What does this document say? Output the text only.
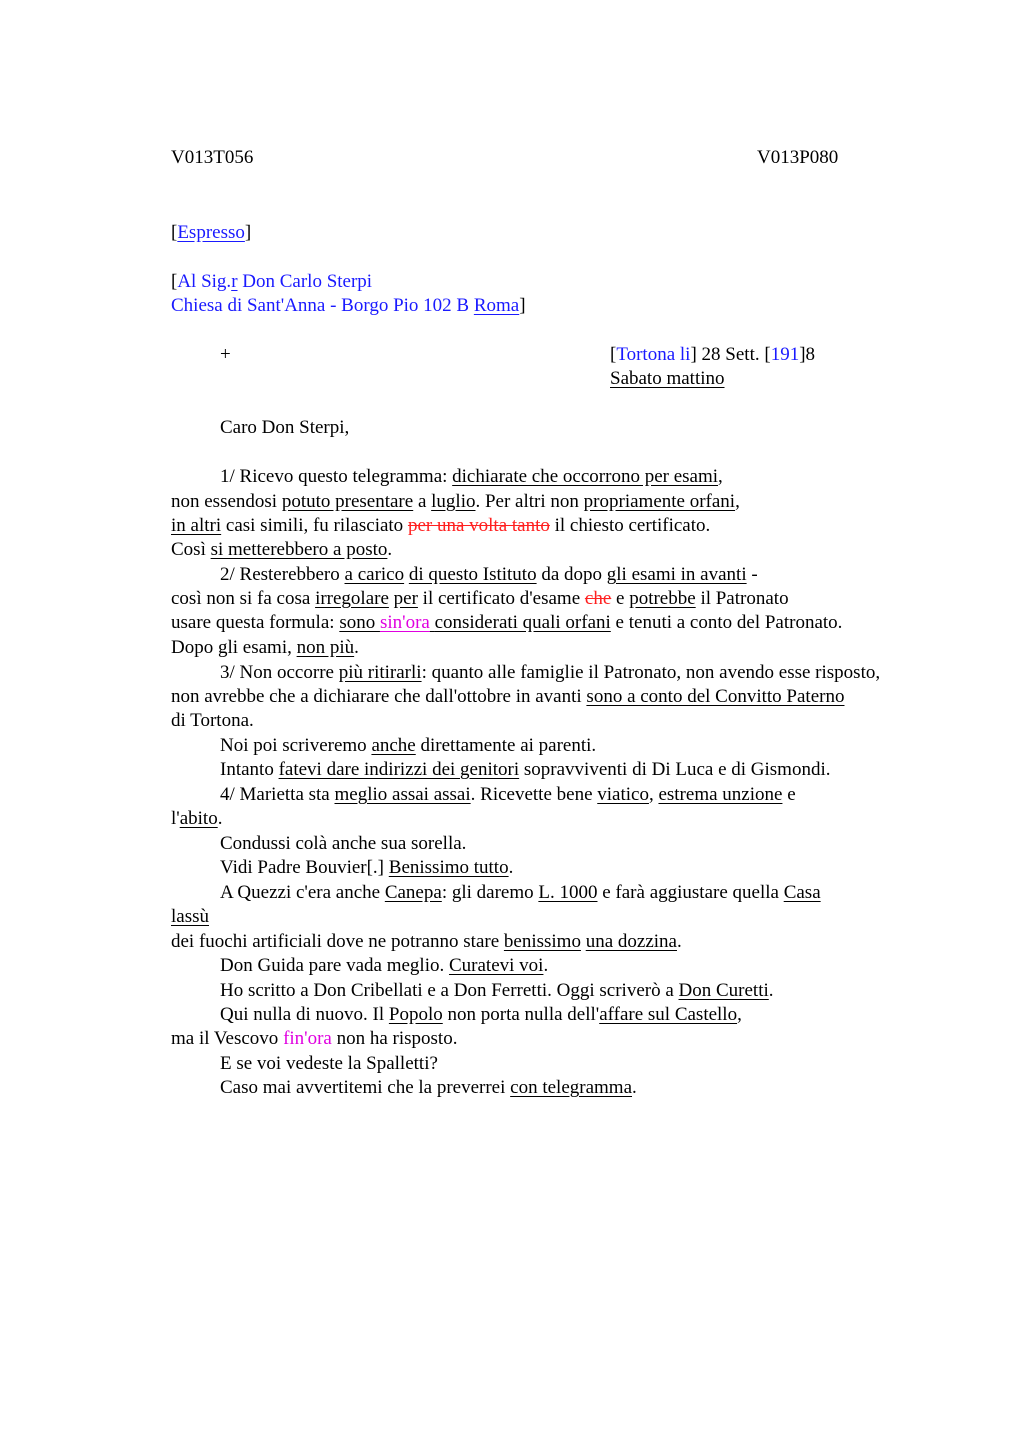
V013T056	V013P080
[Espresso]
[Al Sig.r Don Carlo Sterpi
Chiesa di Sant'Anna - Borgo Pio 102 B Roma]
+	[Tortona li] 28 Sett. [191]8
Sabato mattino
Caro Don Sterpi,
1/ Ricevo questo telegramma: dichiarate che occorrono per esami,
non essendosi potuto presentare a luglio. Per altri non propriamente orfani,
in altri casi simili, fu rilasciato per una volta tanto il chiesto certificato.
Così si metterebbero a posto.
2/ Resterebbero a carico di questo Istituto da dopo gli esami in avanti -
così non si fa cosa irregolare per il certificato d'esame che e potrebbe il Patronato
usare questa formula: sono sin'ora considerati quali orfani e tenuti a conto del Patronato.
Dopo gli esami, non più.
3/ Non occorre più ritirarli: quanto alle famiglie il Patronato, non avendo esse risposto,
non avrebbe che a dichiarare che dall'ottobre in avanti sono a conto del Convitto Paterno
di Tortona.
Noi poi scriveremo anche direttamente ai parenti.
Intanto fatevi dare indirizzi dei genitori sopravviventi di Di Luca e di Gismondi.
4/ Marietta sta meglio assai assai. Ricevette bene viatico, estrema unzione e
l'abito.
Condussi colà anche sua sorella.
Vidi Padre Bouvier[.] Benissimo tutto.
A Quezzi c'era anche Canepa: gli daremo L. 1000 e farà aggiustare quella Casa
lassù
dei fuochi artificiali dove ne potranno stare benissimo una dozzina.
Don Guida pare vada meglio. Curatevi voi.
Ho scritto a Don Cribellati e a Don Ferretti. Oggi scriverò a Don Curetti.
Qui nulla di nuovo. Il Popolo non porta nulla dell'affare sul Castello,
ma il Vescovo fin'ora non ha risposto.
E se voi vedeste la Spalletti?
Caso mai avvertitemi che la preverrei con telegramma.
